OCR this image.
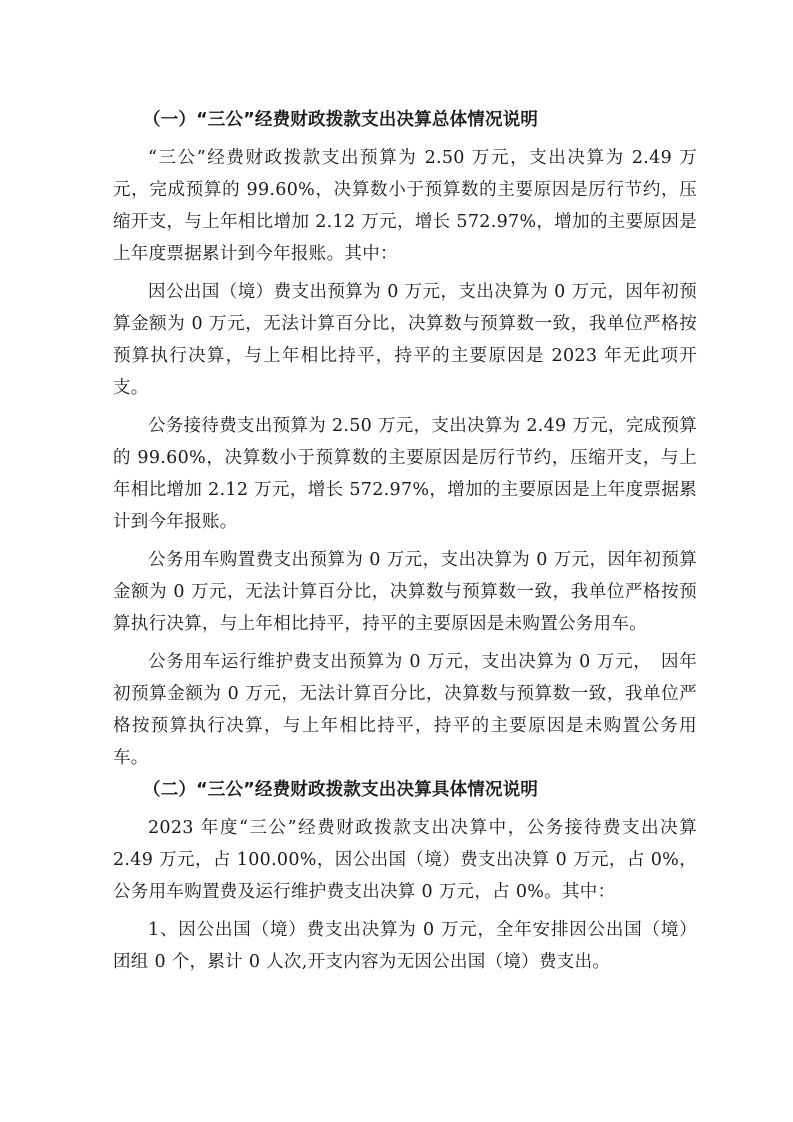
（一）“三公”经费财政拨款支出决算总体情况说明

“三公”经费财政拨款支出预算为 2.50 万元，支出决算为 2.49 万元，完成预算的 99.60%，决算数小于预算数的主要原因是厉行节约，压缩开支，与上年相比增加 2.12 万元，增长 572.97%，增加的主要原因是上年度票据累计到今年报账。其中：

因公出国（境）费支出预算为 0 万元，支出决算为 0 万元，因年初预算金额为 0 万元，无法计算百分比，决算数与预算数一致，我单位严格按预算执行决算，与上年相比持平，持平的主要原因是 2023 年无此项开支。

公务接待费支出预算为 2.50 万元，支出决算为 2.49 万元，完成预算的 99.60%，决算数小于预算数的主要原因是厉行节约，压缩开支，与上年相比增加 2.12 万元，增长 572.97%，增加的主要原因是上年度票据累计到今年报账。

公务用车购置费支出预算为 0 万元，支出决算为 0 万元，因年初预算金额为 0 万元，无法计算百分比，决算数与预算数一致，我单位严格按预算执行决算，与上年相比持平，持平的主要原因是未购置公务用车。

公务用车运行维护费支出预算为 0 万元，支出决算为 0 万元，　因年初预算金额为 0 万元，无法计算百分比，决算数与预算数一致，我单位严格按预算执行决算，与上年相比持平，持平的主要原因是未购置公务用车。

（二）“三公”经费财政拨款支出决算具体情况说明

2023 年度“三公”经费财政拨款支出决算中，公务接待费支出决算 2.49 万元，占 100.00%，因公出国（境）费支出决算 0 万元，占 0%，公务用车购置费及运行维护费支出决算 0 万元，占 0%。其中：

1、因公出国（境）费支出决算为 0 万元，全年安排因公出国（境）团组 0 个，累计 0 人次,开支内容为无因公出国（境）费支出。
